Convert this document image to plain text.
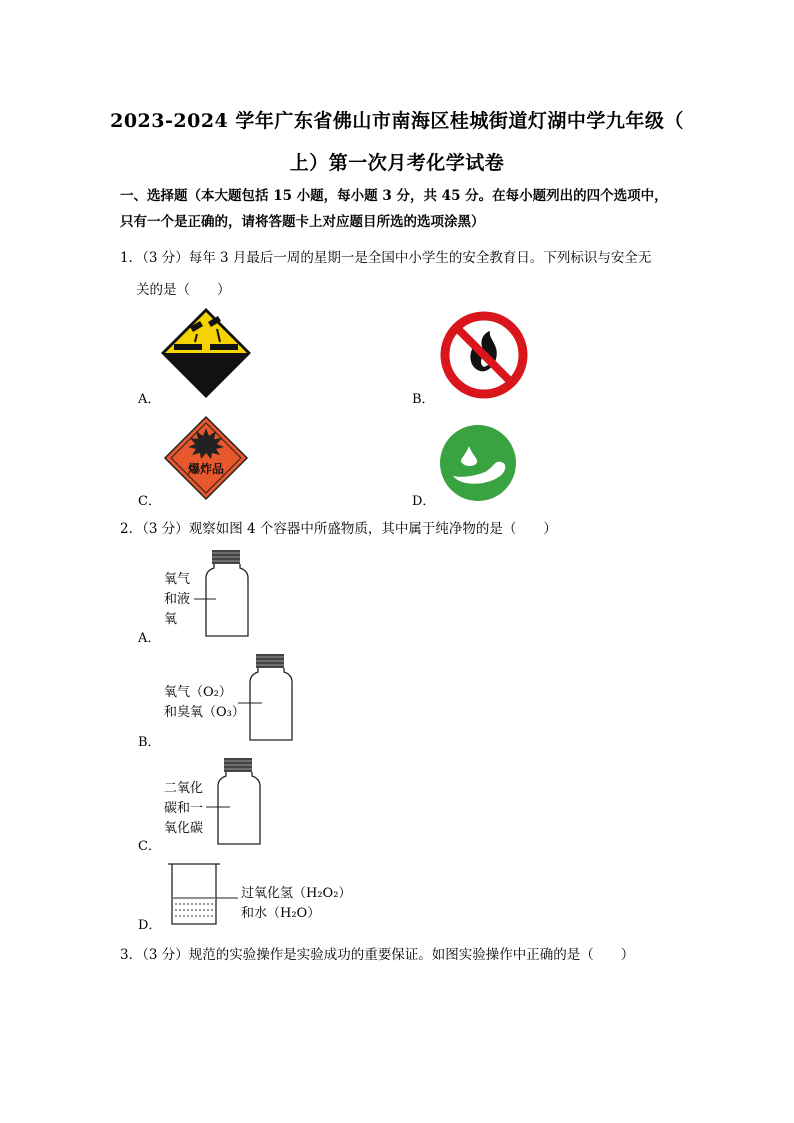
2023-2024 学年广东省佛山市南海区桂城街道灯湖中学九年级（
上）第一次月考化学试卷
一、选择题（本大题包括 15 小题，每小题 3 分，共 45 分。在每小题列出的四个选项中，
只有一个是正确的，请将答题卡上对应题目所选的选项涂黑）
1．（3 分）每年 3 月最后一周的星期一是全国中小学生的安全教育日。下列标识与安全无
关的是（　　）
A．	B．
爆炸品
C．	D．
2．（3 分）观察如图 4 个容器中所盛物质，其中属于纯净物的是（　　）
氧气
和液
氧
A．
氧气（O₂）
和臭氧（O₃）
B．
二氧化
碳和一
氧化碳
C．
过氧化氢（H₂O₂）
和水（H₂O）
D．
3．（3 分）规范的实验操作是实验成功的重要保证。如图实验操作中正确的是（　　）
